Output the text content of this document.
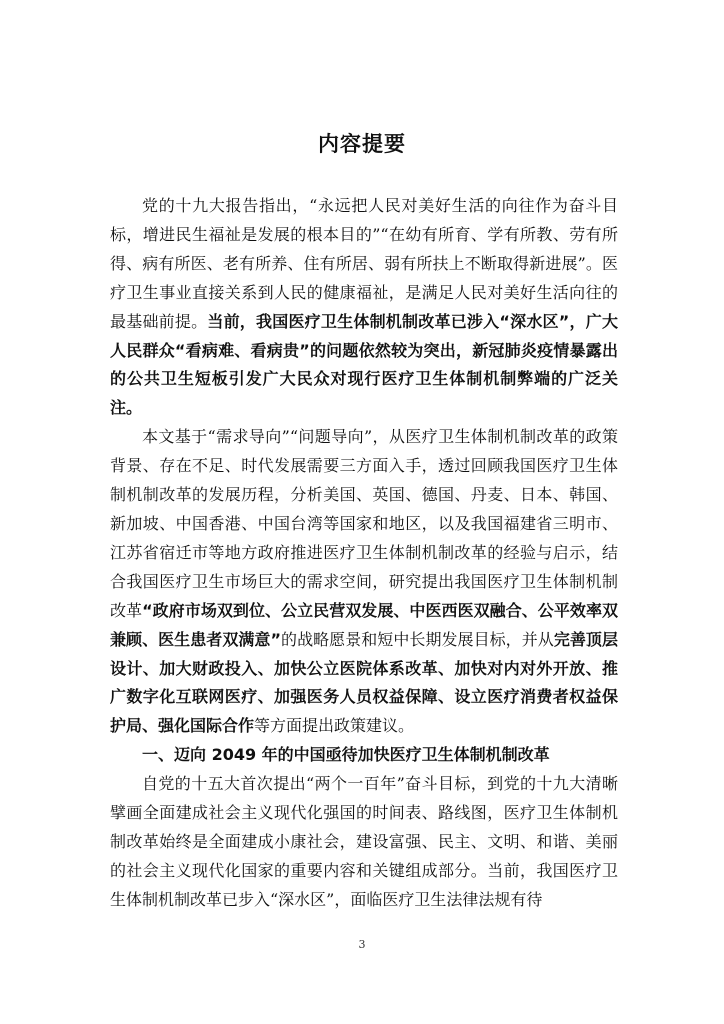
内容提要

党的十九大报告指出，“永远把人民对美好生活的向往作为奋斗目标，增进民生福祉是发展的根本目的”“在幼有所育、学有所教、劳有所得、病有所医、老有所养、住有所居、弱有所扶上不断取得新进展”。医疗卫生事业直接关系到人民的健康福祉，是满足人民对美好生活向往的最基础前提。当前，我国医疗卫生体制机制改革已涉入“深水区”，广大人民群众“看病难、看病贵”的问题依然较为突出，新冠肺炎疫情暴露出的公共卫生短板引发广大民众对现行医疗卫生体制机制弊端的广泛关注。

本文基于“需求导向”“问题导向”，从医疗卫生体制机制改革的政策背景、存在不足、时代发展需要三方面入手，透过回顾我国医疗卫生体制机制改革的发展历程，分析美国、英国、德国、丹麦、日本、韩国、新加坡、中国香港、中国台湾等国家和地区，以及我国福建省三明市、江苏省宿迁市等地方政府推进医疗卫生体制机制改革的经验与启示，结合我国医疗卫生市场巨大的需求空间，研究提出我国医疗卫生体制机制改革“政府市场双到位、公立民营双发展、中医西医双融合、公平效率双兼顾、医生患者双满意”的战略愿景和短中长期发展目标，并从完善顶层设计、加大财政投入、加快公立医院体系改革、加快对内对外开放、推广数字化互联网医疗、加强医务人员权益保障、设立医疗消费者权益保护局、强化国际合作等方面提出政策建议。

一、迈向 2049 年的中国亟待加快医疗卫生体制机制改革

自党的十五大首次提出“两个一百年”奋斗目标，到党的十九大清晰擘画全面建成社会主义现代化强国的时间表、路线图，医疗卫生体制机制改革始终是全面建成小康社会，建设富强、民主、文明、和谐、美丽的社会主义现代化国家的重要内容和关键组成部分。当前，我国医疗卫生体制机制改革已步入“深水区”，面临医疗卫生法律法规有待

3
